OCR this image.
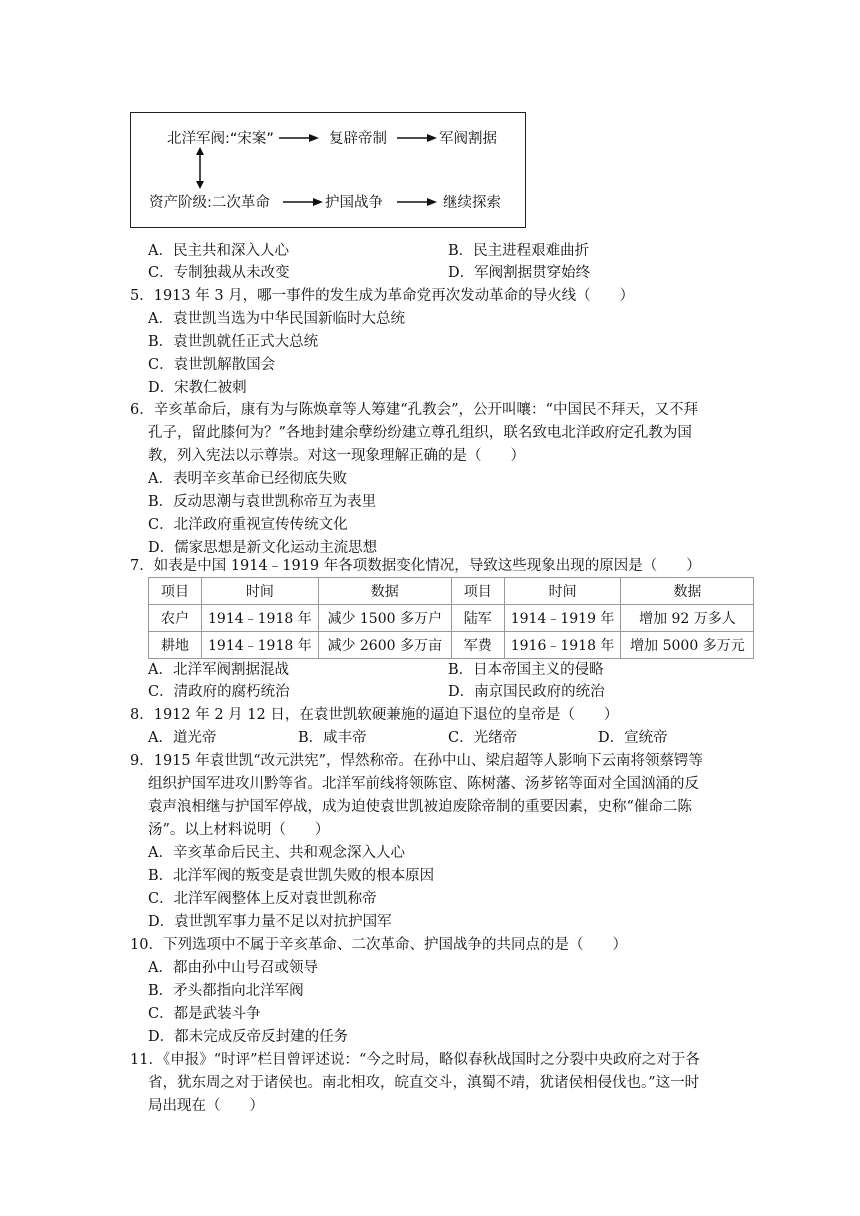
北洋军阀:“宋案”	复辟帝制	军阀割据
资产阶级:二次革命	护国战争	继续探索
A．民主共和深入人心	B．民主进程艰难曲折
C．专制独裁从未改变	D．军阀割据贯穿始终
5．1913 年 3 月，哪一事件的发生成为革命党再次发动革命的导火线（　　）
A．袁世凯当选为中华民国新临时大总统
B．袁世凯就任正式大总统
C．袁世凯解散国会
D．宋教仁被刺
6．辛亥革命后，康有为与陈焕章等人筹建“孔教会”，公开叫嚷：“中国民不拜天，又不拜
孔子，留此膝何为？”各地封建余孽纷纷建立尊孔组织，联名致电北洋政府定孔教为国
教，列入宪法以示尊崇。对这一现象理解正确的是（　　）
A．表明辛亥革命已经彻底失败
B．反动思潮与袁世凯称帝互为表里
C．北洋政府重视宣传传统文化
D．儒家思想是新文化运动主流思想
7．如表是中国 1914﹣1919 年各项数据变化情况，导致这些现象出现的原因是（　　）
项目	时间	数据	项目	时间	数据
农户	1914﹣1918 年	减少 1500 多万户	陆军	1914﹣1919 年	增加 92 万多人
耕地	1914﹣1918 年	减少 2600 多万亩	军费	1916﹣1918 年	增加 5000 多万元
A．北洋军阀割据混战	B．日本帝国主义的侵略
C．清政府的腐朽统治	D．南京国民政府的统治
8．1912 年 2 月 12 日，在袁世凯软硬兼施的逼迫下退位的皇帝是（　　）
A．道光帝	B．咸丰帝	C．光绪帝	D．宣统帝
9．1915 年袁世凯“改元洪宪”，悍然称帝。在孙中山、梁启超等人影响下云南将领蔡锷等
组织护国军进攻川黔等省。北洋军前线将领陈宦、陈树藩、汤芗铭等面对全国汹涌的反
袁声浪相继与护国军停战，成为迫使袁世凯被迫废除帝制的重要因素，史称“催命二陈
汤”。以上材料说明（　　）
A．辛亥革命后民主、共和观念深入人心
B．北洋军阀的叛变是袁世凯失败的根本原因
C．北洋军阀整体上反对袁世凯称帝
D．袁世凯军事力量不足以对抗护国军
10．下列选项中不属于辛亥革命、二次革命、护国战争的共同点的是（　　）
A．都由孙中山号召或领导
B．矛头都指向北洋军阀
C．都是武装斗争
D．都未完成反帝反封建的任务
11．《申报》“时评”栏目曾评述说：“今之时局，略似春秋战国时之分裂中央政府之对于各
省，犹东周之对于诸侯也。南北相攻，皖直交斗，滇蜀不靖，犹诸侯相侵伐也。”这一时
局出现在（　　）
